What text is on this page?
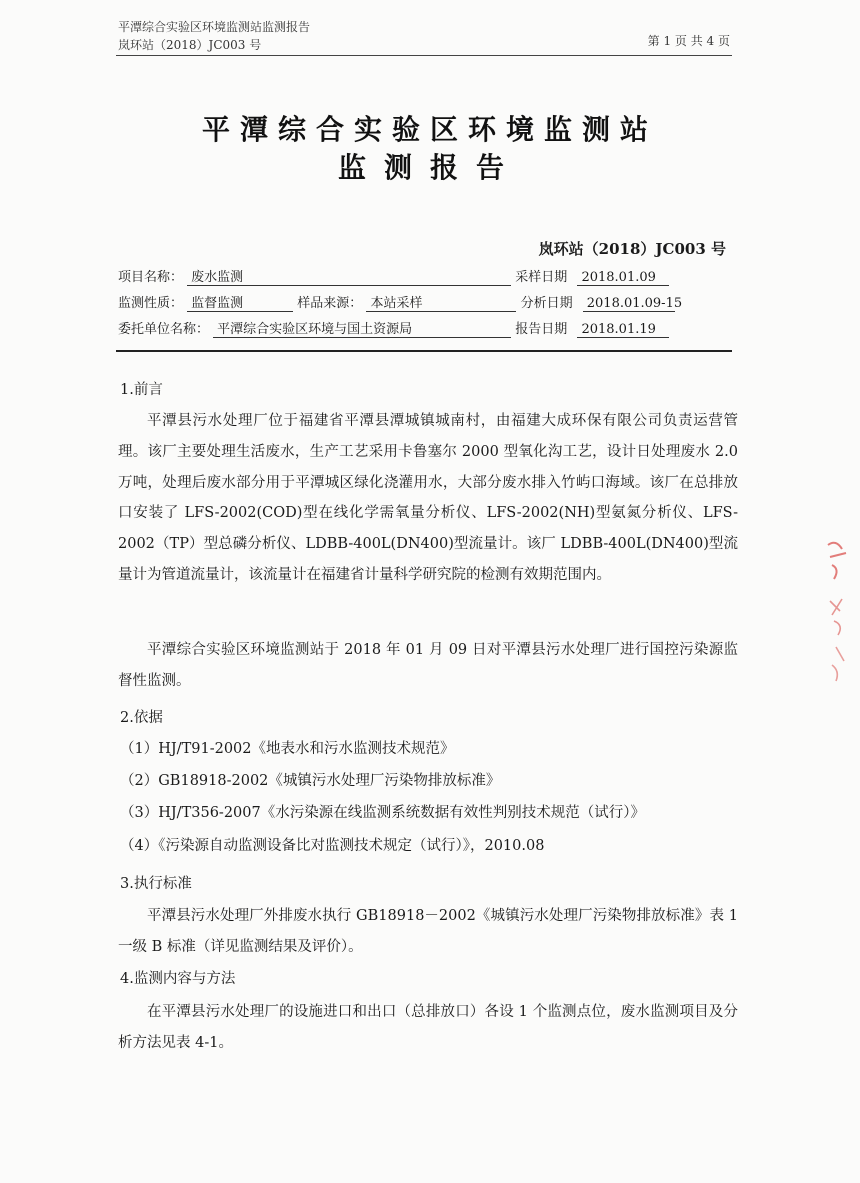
平潭综合实验区环境监测站监测报告
岚环站（2018）JC003 号	第 1 页 共 4 页
平潭综合实验区环境监测站
监测报告
岚环站（2018）JC003 号
项目名称： 废水监测	采样日期 2018.01.09
监测性质： 监督监测	样品来源： 本站采样	分析日期 2018.01.09-15
委托单位名称： 平潭综合实验区环境与国土资源局	报告日期 2018.01.19
1.前言
平潭县污水处理厂位于福建省平潭县潭城镇城南村，由福建大成环保有限公司负责运营管理。该厂主要处理生活废水，生产工艺采用卡鲁塞尔 2000 型氧化沟工艺，设计日处理废水 2.0 万吨，处理后废水部分用于平潭城区绿化浇灌用水，大部分废水排入竹屿口海域。该厂在总排放口安装了 LFS-2002(COD)型在线化学需氧量分析仪、LFS-2002(NH)型氨氮分析仪、LFS-2002（TP）型总磷分析仪、LDBB-400L(DN400)型流量计。该厂 LDBB-400L(DN400)型流量计为管道流量计，该流量计在福建省计量科学研究院的检测有效期范围内。
平潭综合实验区环境监测站于 2018 年 01 月 09 日对平潭县污水处理厂进行国控污染源监督性监测。
2.依据
（1）HJ/T91-2002《地表水和污水监测技术规范》
（2）GB18918-2002《城镇污水处理厂污染物排放标准》
（3）HJ/T356-2007《水污染源在线监测系统数据有效性判别技术规范（试行）》
（4）《污染源自动监测设备比对监测技术规定（试行）》，2010.08
3.执行标准
平潭县污水处理厂外排废水执行 GB18918－2002《城镇污水处理厂污染物排放标准》表 1 一级 B 标准（详见监测结果及评价）。
4.监测内容与方法
在平潭县污水处理厂的设施进口和出口（总排放口）各设 1 个监测点位，废水监测项目及分析方法见表 4-1。
